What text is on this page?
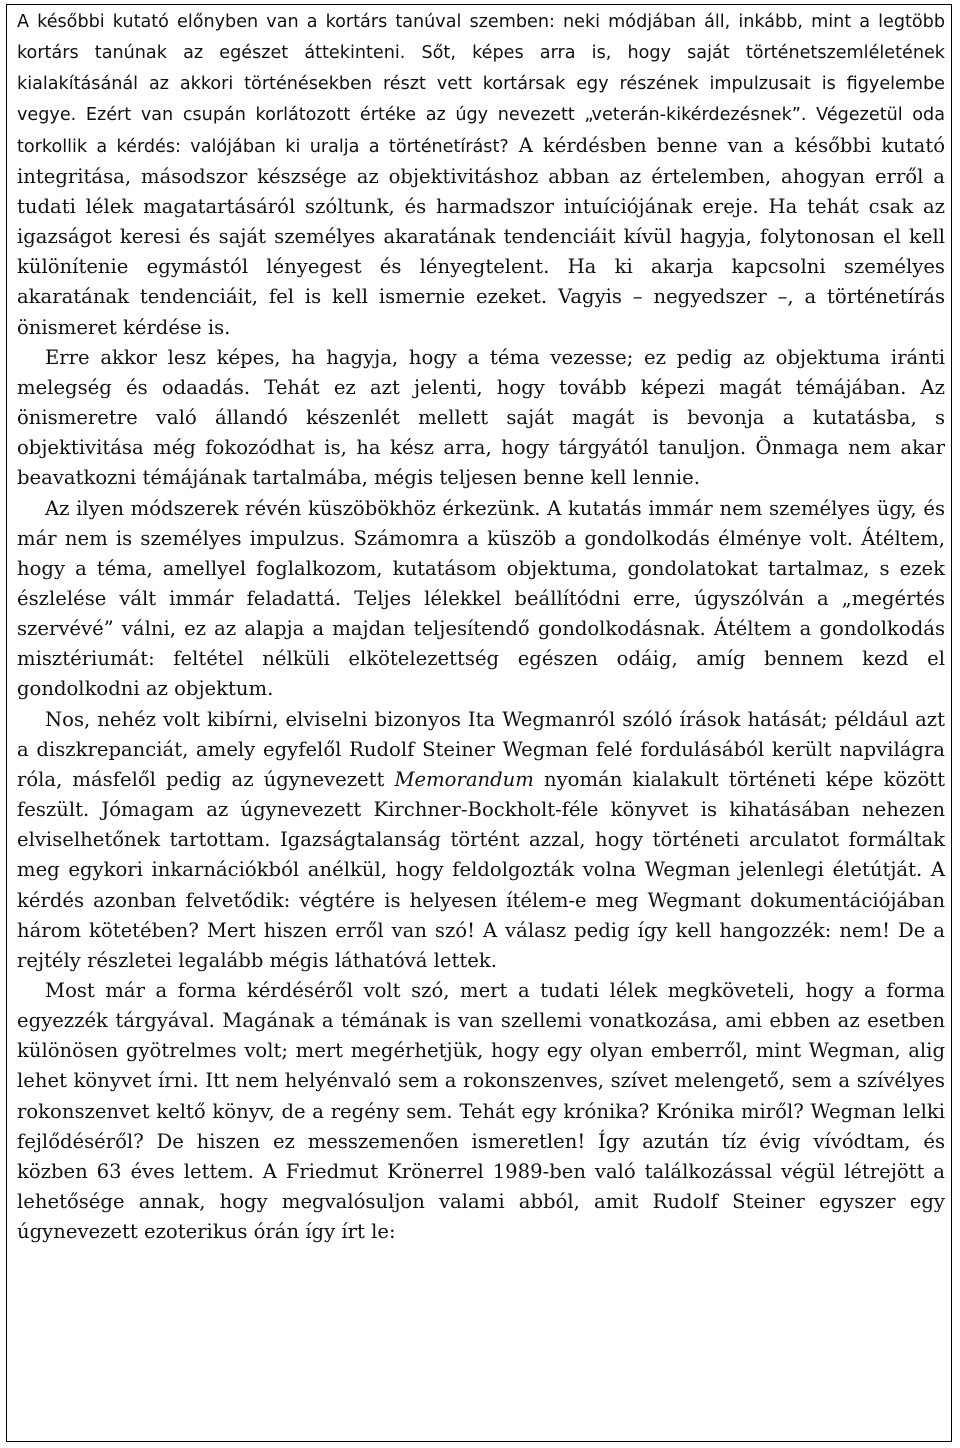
A későbbi kutató előnyben van a kortárs tanúval szemben: neki módjában áll, inkább, mint a legtöbb kortárs tanúnak az egészet áttekinteni. Sőt, képes arra is, hogy saját történetszemléletének kialakításánál az akkori történésekben részt vett kortársak egy részének impulzusait is figyelembe vegye. Ezért van csupán korlátozott értéke az úgy nevezett „veterán-kikérdezésnek”. Végezetül oda torkollik a kérdés: valójában ki uralja a történetírást? A kérdésben benne van a későbbi kutató integritása, másodszor készsége az objektivitáshoz abban az értelemben, ahogyan erről a tudati lélek magatartásáról szóltunk, és harmadszor intuíciójának ereje. Ha tehát csak az igazságot keresi és saját személyes akaratának tendenciáit kívül hagyja, folytonosan el kell különítenie egymástól lényegest és lényegtelent. Ha ki akarja kapcsolni személyes akaratának tendenciáit, fel is kell ismernie ezeket. Vagyis – negyedszer –, a történetírás önismeret kérdése is.

Erre akkor lesz képes, ha hagyja, hogy a téma vezesse; ez pedig az objektuma iránti melegség és odaadás. Tehát ez azt jelenti, hogy tovább képezi magát témájában. Az önismeretre való állandó készenlét mellett saját magát is bevonja a kutatásba, s objektivitása még fokozódhat is, ha kész arra, hogy tárgyától tanuljon. Önmaga nem akar beavatkozni témájának tartalmába, mégis teljesen benne kell lennie.

Az ilyen módszerek révén küszöbökhöz érkezünk. A kutatás immár nem személyes ügy, és már nem is személyes impulzus. Számomra a küszöb a gondolkodás élménye volt. Átéltem, hogy a téma, amellyel foglalkozom, kutatásom objektuma, gondolatokat tartalmaz, s ezek észlelése vált immár feladattá. Teljes lélekkel beállítódni erre, úgyszólván a „megértés szervévé” válni, ez az alapja a majdan teljesítendő gondolkodásnak. Átéltem a gondolkodás misztériumát: feltétel nélküli elkötelezettség egészen odáig, amíg bennem kezd el gondolkodni az objektum.

Nos, nehéz volt kibírni, elviselni bizonyos Ita Wegmanról szóló írások hatását; például azt a diszkrepanciát, amely egyfelől Rudolf Steiner Wegman felé fordulásából került napvilágra róla, másfelől pedig az úgynevezett Memorandum nyomán kialakult történeti képe között feszült. Jómagam az úgynevezett Kirchner-Bockholt-féle könyvet is kihatásában nehezen elviselhetőnek tartottam. Igazságtalanság történt azzal, hogy történeti arculatot formáltak meg egykori inkarnációkból anélkül, hogy feldolgozták volna Wegman jelenlegi életútját. A kérdés azonban felvetődik: végtére is helyesen ítélem-e meg Wegmant dokumentációjában három kötetében? Mert hiszen erről van szó! A válasz pedig így kell hangozzék: nem! De a rejtély részletei legalább mégis láthatóvá lettek.

Most már a forma kérdéséről volt szó, mert a tudati lélek megköveteli, hogy a forma egyezzék tárgyával. Magának a témának is van szellemi vonatkozása, ami ebben az esetben különösen gyötrelmes volt; mert megérhetjük, hogy egy olyan emberről, mint Wegman, alig lehet könyvet írni. Itt nem helyénvaló sem a rokonszenves, szívet melengető, sem a szívélyes rokonszenvet keltő könyv, de a regény sem. Tehát egy krónika? Krónika miről? Wegman lelki fejlődéséről? De hiszen ez messzemenően ismeretlen! Így azután tíz évig vívódtam, és közben 63 éves lettem. A Friedmut Krönerrel 1989-ben való találkozással végül létrejött a lehetősége annak, hogy megvalósuljon valami abból, amit Rudolf Steiner egyszer egy úgynevezett ezoterikus órán így írt le:
